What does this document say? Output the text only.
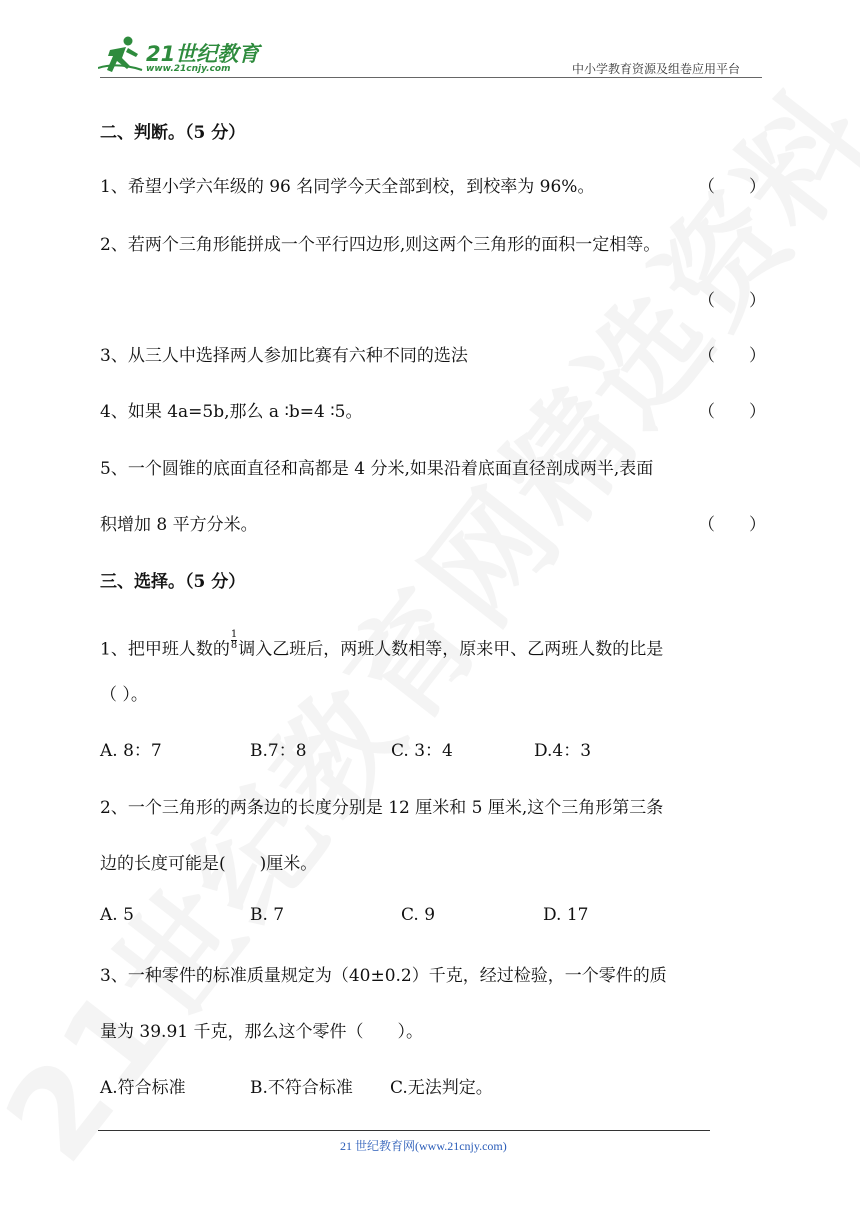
21世纪教育
www.21cnjy.com	中小学教育资源及组卷应用平台
二、判断。（5 分）
1、希望小学六年级的 96 名同学今天全部到校，到校率为 96%。	（　　）
2、若两个三角形能拼成一个平行四边形,则这两个三角形的面积一定相等。
（　　）
3、从三人中选择两人参加比赛有六种不同的选法	（　　）
4、如果 4a=5b,那么 a ∶b=4 ∶5。	（　　）
5、一个圆锥的底面直径和高都是 4 分米,如果沿着底面直径剖成两半,表面
积增加 8 平方分米。	（　　）
三、选择。（5 分）
1、把甲班人数的 $\frac{1}{8}$ 调入乙班后，两班人数相等，原来甲、乙两班人数的比是
（ ）。
A. 8：7	B.7：8	C. 3：4	D.4：3
2、一个三角形的两条边的长度分别是 12 厘米和 5 厘米,这个三角形第三条
边的长度可能是(　　)厘米。
A. 5	B. 7	C. 9	D. 17
3、一种零件的标准质量规定为（40±0.2）千克，经过检验，一个零件的质
量为 39.91 千克，那么这个零件（　　）。
A.符合标准	B.不符合标准 C.无法判定。
21 世纪教育网(www.21cnjy.com)
